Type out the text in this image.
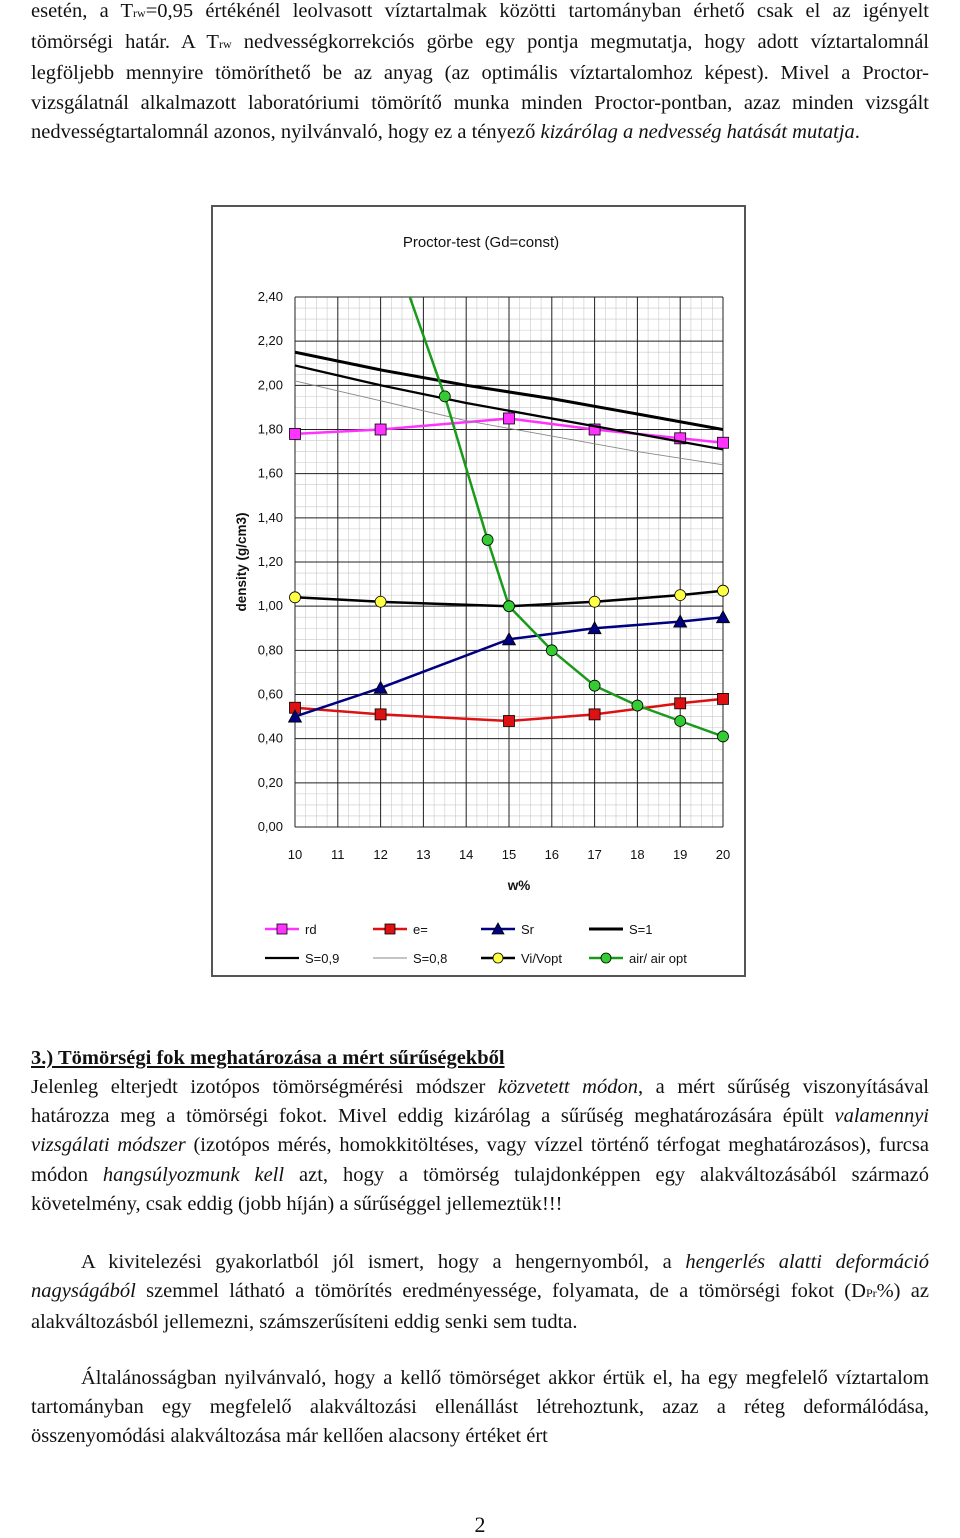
esetén, a Trw=0,95 értékénél leolvasott víztartalmak közötti tartományban érhető csak el az igényelt tömörségi határ. A Trw nedvességkorrekciós görbe egy pontja megmutatja, hogy adott víztartalomnál legföljebb mennyire tömöríthető be az anyag (az optimális víztartalomhoz képest). Mivel a Proctor-vizsgálatnál alkalmazott laboratóriumi tömörítő munka minden Proctor-pontban, azaz minden vizsgált nedvességtartalomnál azonos, nyilvánvaló, hogy ez a tényező kizárólag a nedvesség hatását mutatja.

Proctor-test (Gd=const)
10 11 12 13 14 15 16 17 18 19 20
0,00
0,20
0,40
0,60
0,80
1,00
1,20
1,40
1,60
1,80
2,00
2,20
2,40
w%
density (g/cm3)
rd	e=	Sr	S=1
S=0,9	S=0,8	Vi/Vopt	air/ air opt
3.) Tömörségi fok meghatározása a mért sűrűségekből

Jelenleg elterjedt izotópos tömörségmérési módszer közvetett módon, a mért sűrűség viszonyításával határozza meg a tömörségi fokot. Mivel eddig kizárólag a sűrűség meghatározására épült valamennyi vizsgálati módszer (izotópos mérés, homokkitöltéses, vagy vízzel történő térfogat meghatározásos), furcsa módon hangsúlyozmunk kell azt, hogy a tömörség tulajdonképpen egy alakváltozásából származó követelmény, csak eddig (jobb híján) a sűrűséggel jellemeztük!!!

A kivitelezési gyakorlatból jól ismert, hogy a hengernyomból, a hengerlés alatti deformáció nagyságából szemmel látható a tömörítés eredményessége, folyamata, de a tömörségi fokot (DPr%) az alakváltozásból jellemezni, számszerűsíteni eddig senki sem tudta.

Általánosságban nyilvánvaló, hogy a kellő tömörséget akkor értük el, ha egy megfelelő víztartalom tartományban egy megfelelő alakváltozási ellenállást létrehoztunk, azaz a réteg deformálódása, összenyomódási alakváltozása már kellően alacsony értéket ért

2
